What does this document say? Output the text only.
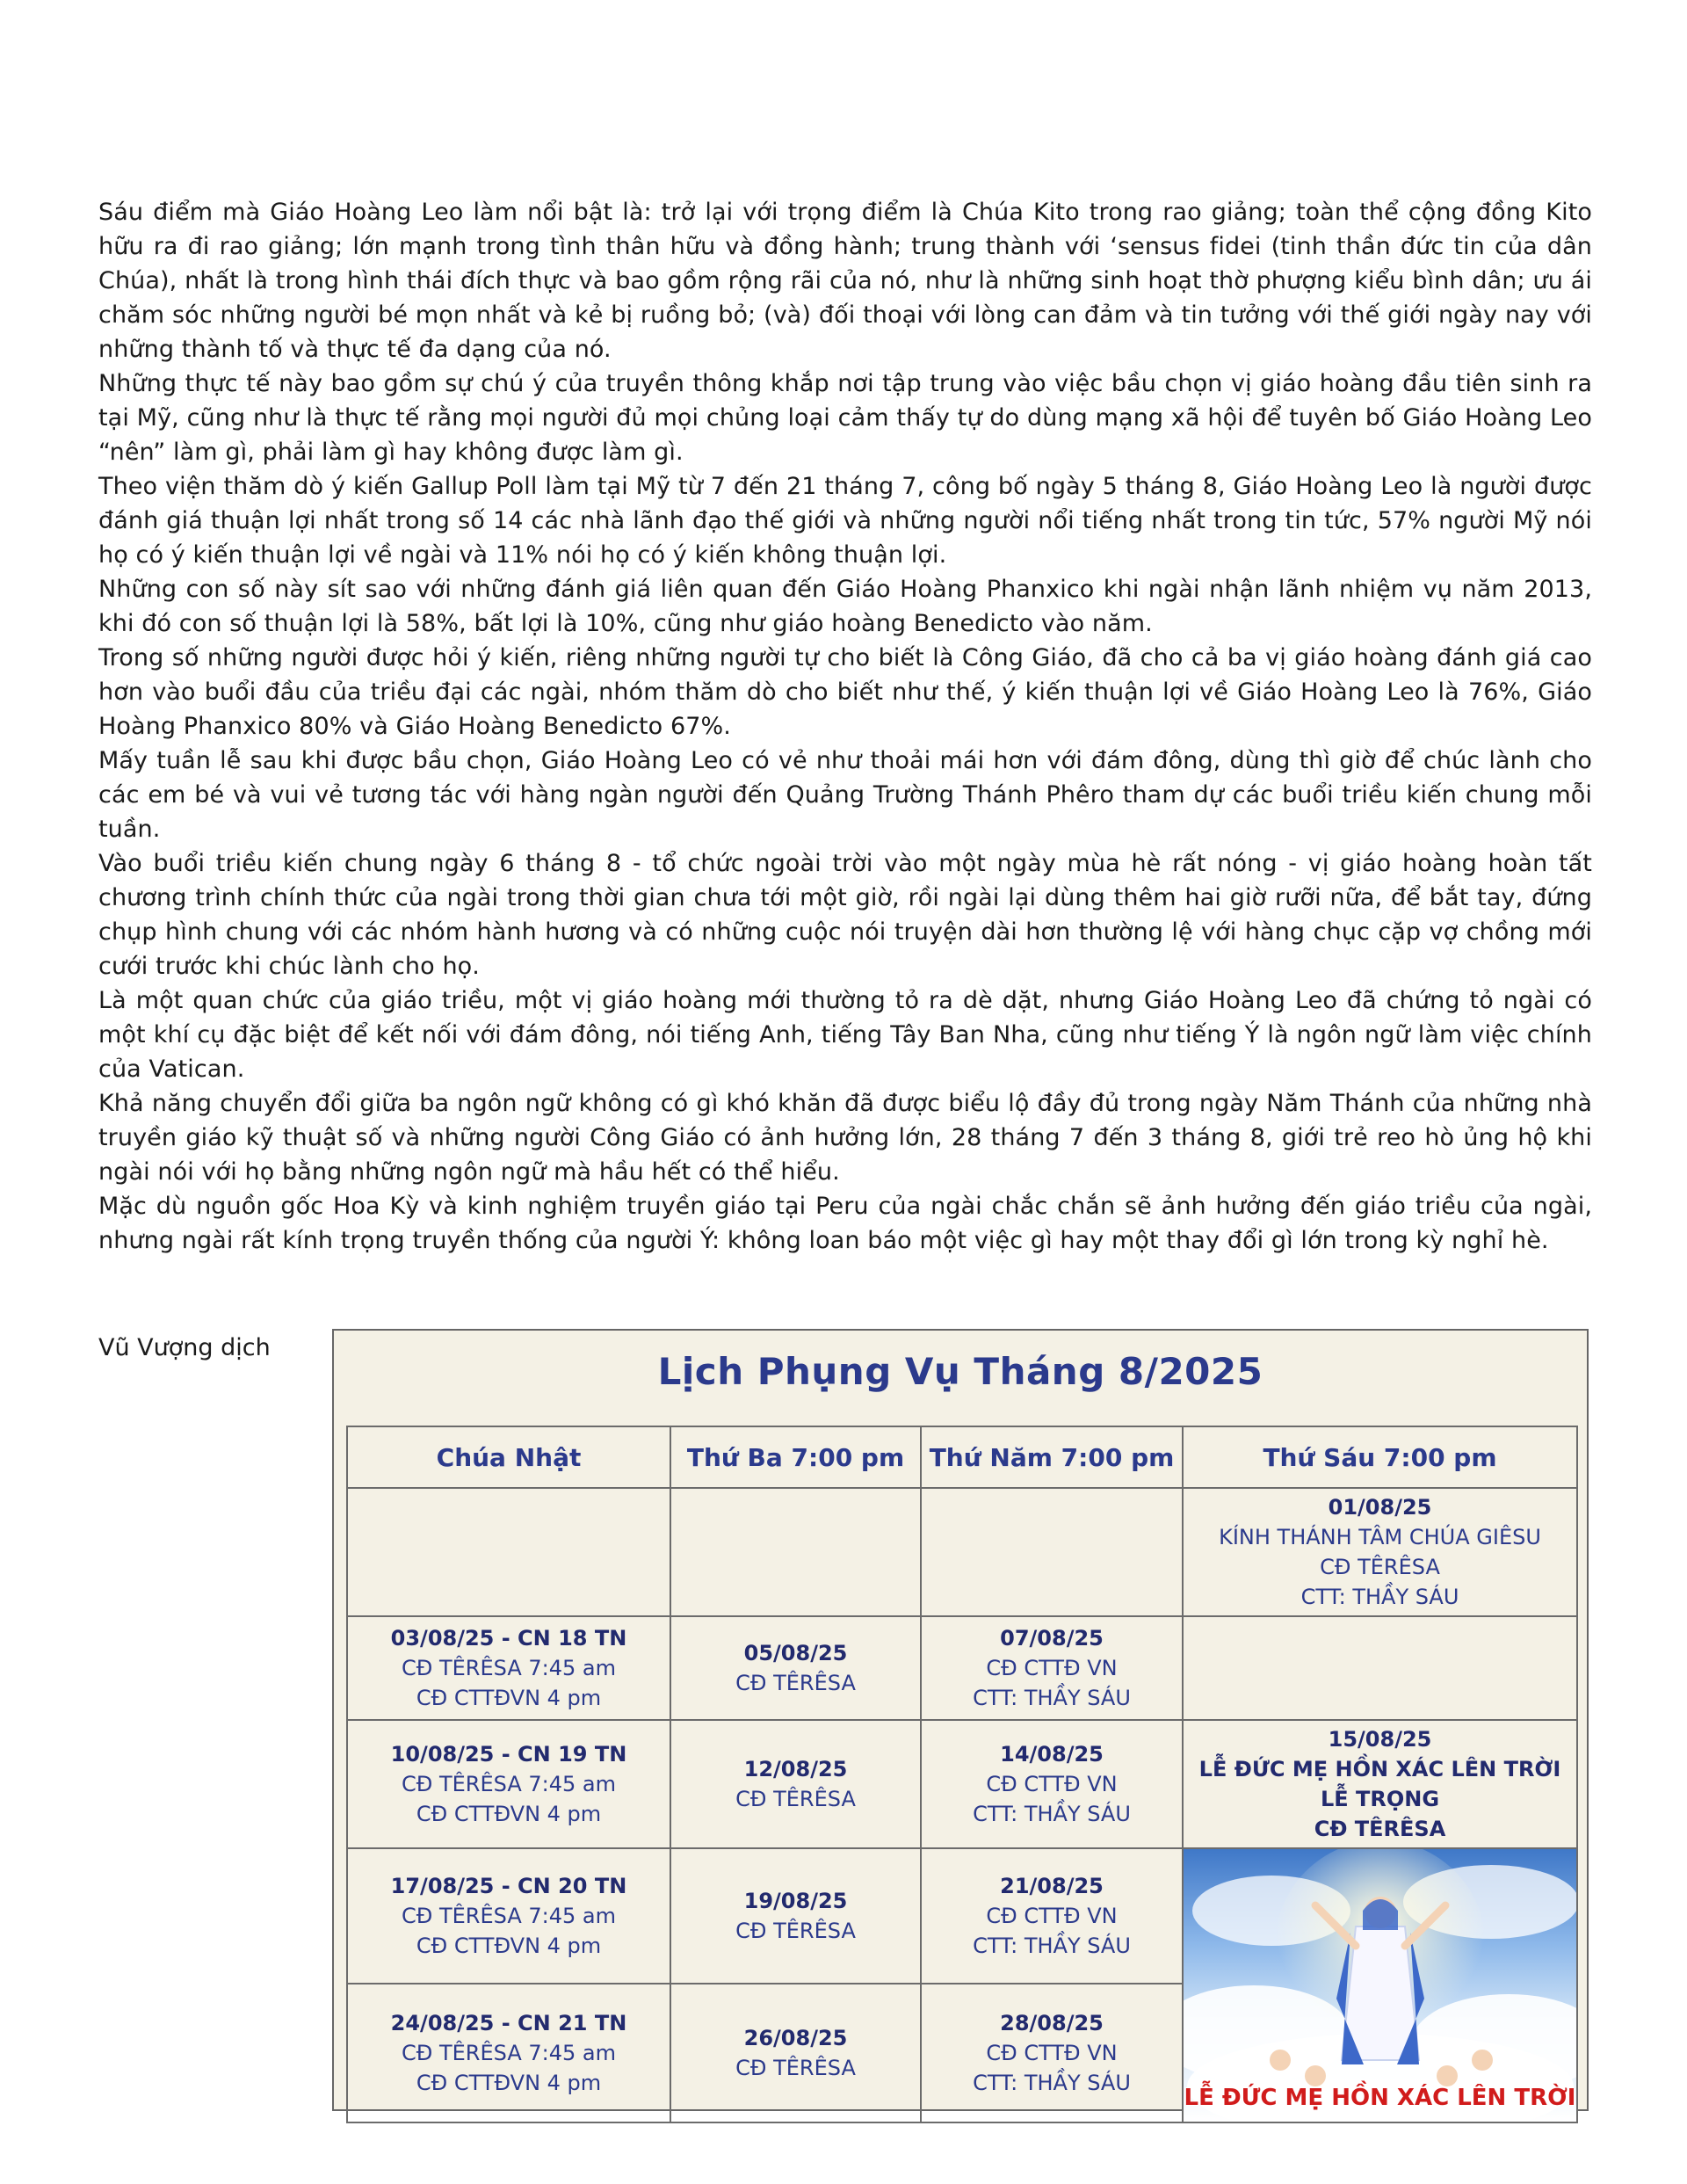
Sáu điểm mà Giáo Hoàng Leo làm nổi bật là: trở lại với trọng điểm là Chúa Kito trong rao giảng; toàn thể cộng đồng Kito hữu ra đi rao giảng; lớn mạnh trong tình thân hữu và đồng hành; trung thành với ‘sensus fidei (tinh thần đức tin của dân Chúa), nhất là trong hình thái đích thực và bao gồm rộng rãi của nó, như là những sinh hoạt thờ phượng kiểu bình dân; ưu ái chăm sóc những người bé mọn nhất và kẻ bị ruồng bỏ; (và) đối thoại với lòng can đảm và tin tưởng với thế giới ngày nay với những thành tố và thực tế đa dạng của nó.

Những thực tế này bao gồm sự chú ý của truyền thông khắp nơi tập trung vào việc bầu chọn vị giáo hoàng đầu tiên sinh ra tại Mỹ, cũng như là thực tế rằng mọi người đủ mọi chủng loại cảm thấy tự do dùng mạng xã hội để tuyên bố Giáo Hoàng Leo “nên” làm gì, phải làm gì hay không được làm gì.

Theo viện thăm dò ý kiến Gallup Poll làm tại Mỹ từ 7 đến 21 tháng 7, công bố ngày 5 tháng 8, Giáo Hoàng Leo là người được đánh giá thuận lợi nhất trong số 14 các nhà lãnh đạo thế giới và những người nổi tiếng nhất trong tin tức, 57% người Mỹ nói họ có ý kiến thuận lợi về ngài và 11% nói họ có ý kiến không thuận lợi.

Những con số này sít sao với những đánh giá liên quan đến Giáo Hoàng Phanxico khi ngài nhận lãnh nhiệm vụ năm 2013, khi đó con số thuận lợi là 58%, bất lợi là 10%, cũng như giáo hoàng Benedicto vào năm.

Trong số những người được hỏi ý kiến, riêng những người tự cho biết là Công Giáo, đã cho cả ba vị giáo hoàng đánh giá cao hơn vào buổi đầu của triều đại các ngài, nhóm thăm dò cho biết như thế, ý kiến thuận lợi về Giáo Hoàng Leo là 76%, Giáo Hoàng Phanxico 80% và Giáo Hoàng Benedicto 67%.

Mấy tuần lễ sau khi được bầu chọn, Giáo Hoàng Leo có vẻ như thoải mái hơn với đám đông, dùng thì giờ để chúc lành cho các em bé và vui vẻ tương tác với hàng ngàn người đến Quảng Trường Thánh Phêro tham dự các buổi triều kiến chung mỗi tuần.

Vào buổi triều kiến chung ngày 6 tháng 8 - tổ chức ngoài trời vào một ngày mùa hè rất nóng - vị giáo hoàng hoàn tất chương trình chính thức của ngài trong thời gian chưa tới một giờ, rồi ngài lại dùng thêm hai giờ rưỡi nữa, để bắt tay, đứng chụp hình chung với các nhóm hành hương và có những cuộc nói truyện dài hơn thường lệ với hàng chục cặp vợ chồng mới cưới trước khi chúc lành cho họ.

Là một quan chức của giáo triều, một vị giáo hoàng mới thường tỏ ra dè dặt, nhưng Giáo Hoàng Leo đã chứng tỏ ngài có một khí cụ đặc biệt để kết nối với đám đông, nói tiếng Anh, tiếng Tây Ban Nha, cũng như tiếng Ý là ngôn ngữ làm việc chính của Vatican.

Khả năng chuyển đổi giữa ba ngôn ngữ không có gì khó khăn đã được biểu lộ đầy đủ trong ngày Năm Thánh của những nhà truyền giáo kỹ thuật số và những người Công Giáo có ảnh hưởng lớn, 28 tháng 7 đến 3 tháng 8, giới trẻ reo hò ủng hộ khi ngài nói với họ bằng những ngôn ngữ mà hầu hết có thể hiểu.

Mặc dù nguồn gốc Hoa Kỳ và kinh nghiệm truyền giáo tại Peru của ngài chắc chắn sẽ ảnh hưởng đến giáo triều của ngài, nhưng ngài rất kính trọng truyền thống của người Ý: không loan báo một việc gì hay một thay đổi gì lớn trong kỳ nghỉ hè.

Vũ Vượng dịch
Lịch Phụng Vụ Tháng 8/2025
Chúa Nhật	Thứ Ba 7:00 pm	Thứ Năm 7:00 pm	Thứ Sáu 7:00 pm

			01/08/25
KÍNH THÁNH TÂM CHÚA GIÊSU
CĐ TÊRÊSA
CTT: THẦY SÁU

03/08/25 - CN 18 TN
CĐ TÊRÊSA 7:45 am
CĐ CTTĐVN 4 pm	05/08/25
CĐ TÊRÊSA	07/08/25
CĐ CTTĐ VN
CTT: THẦY SÁU	

10/08/25 - CN 19 TN
CĐ TÊRÊSA 7:45 am
CĐ CTTĐVN 4 pm	12/08/25
CĐ TÊRÊSA	14/08/25
CĐ CTTĐ VN
CTT: THẦY SÁU	15/08/25
LỄ ĐỨC MẸ HỒN XÁC LÊN TRỜI
LỄ TRỌNG
CĐ TÊRÊSA

17/08/25 - CN 20 TN
CĐ TÊRÊSA 7:45 am
CĐ CTTĐVN 4 pm	19/08/25
CĐ TÊRÊSA	21/08/25
CĐ CTTĐ VN
CTT: THẦY SÁU	LỄ ĐỨC MẸ HỒN XÁC LÊN TRỜI

24/08/25 - CN 21 TN
CĐ TÊRÊSA 7:45 am
CĐ CTTĐVN 4 pm	26/08/25
CĐ TÊRÊSA	28/08/25
CĐ CTTĐ VN
CTT: THẦY SÁU	
